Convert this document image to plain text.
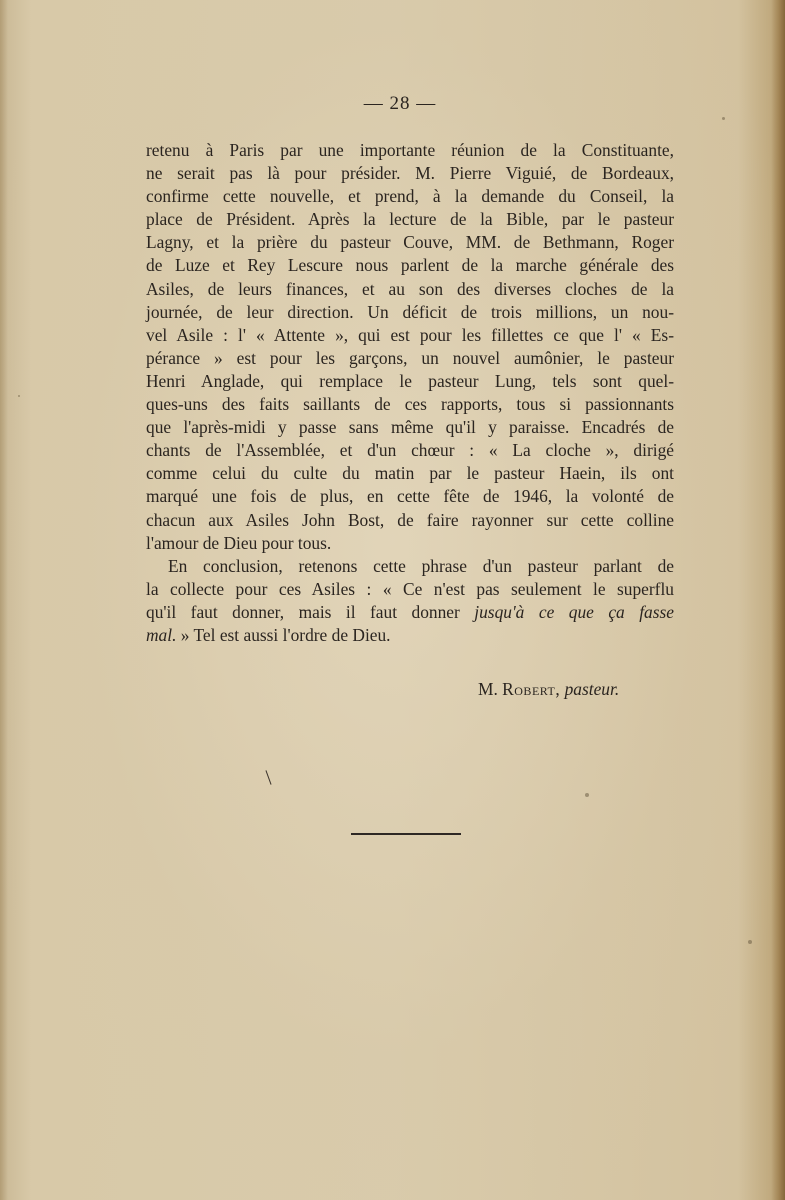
— 28 —
retenu à Paris par une importante réunion de la Constituante,
ne serait pas là pour présider. M. Pierre Viguié, de Bordeaux,
confirme cette nouvelle, et prend, à la demande du Conseil, la
place de Président. Après la lecture de la Bible, par le pasteur
Lagny, et la prière du pasteur Couve, MM. de Bethmann, Roger
de Luze et Rey Lescure nous parlent de la marche générale des
Asiles, de leurs finances, et au son des diverses cloches de la
journée, de leur direction. Un déficit de trois millions, un nou-
vel Asile : l' « Attente », qui est pour les fillettes ce que l' « Es-
pérance » est pour les garçons, un nouvel aumônier, le pasteur
Henri Anglade, qui remplace le pasteur Lung, tels sont quel-
ques-uns des faits saillants de ces rapports, tous si passionnants
que l'après-midi y passe sans même qu'il y paraisse. Encadrés de
chants de l'Assemblée, et d'un chœur : « La cloche », dirigé
comme celui du culte du matin par le pasteur Haein, ils ont
marqué une fois de plus, en cette fête de 1946, la volonté de
chacun aux Asiles John Bost, de faire rayonner sur cette colline
l'amour de Dieu pour tous.
En conclusion, retenons cette phrase d'un pasteur parlant de
la collecte pour ces Asiles : « Ce n'est pas seulement le superflu
qu'il faut donner, mais il faut donner jusqu'à ce que ça fasse
mal. » Tel est aussi l'ordre de Dieu.
M. Robert, pasteur.
